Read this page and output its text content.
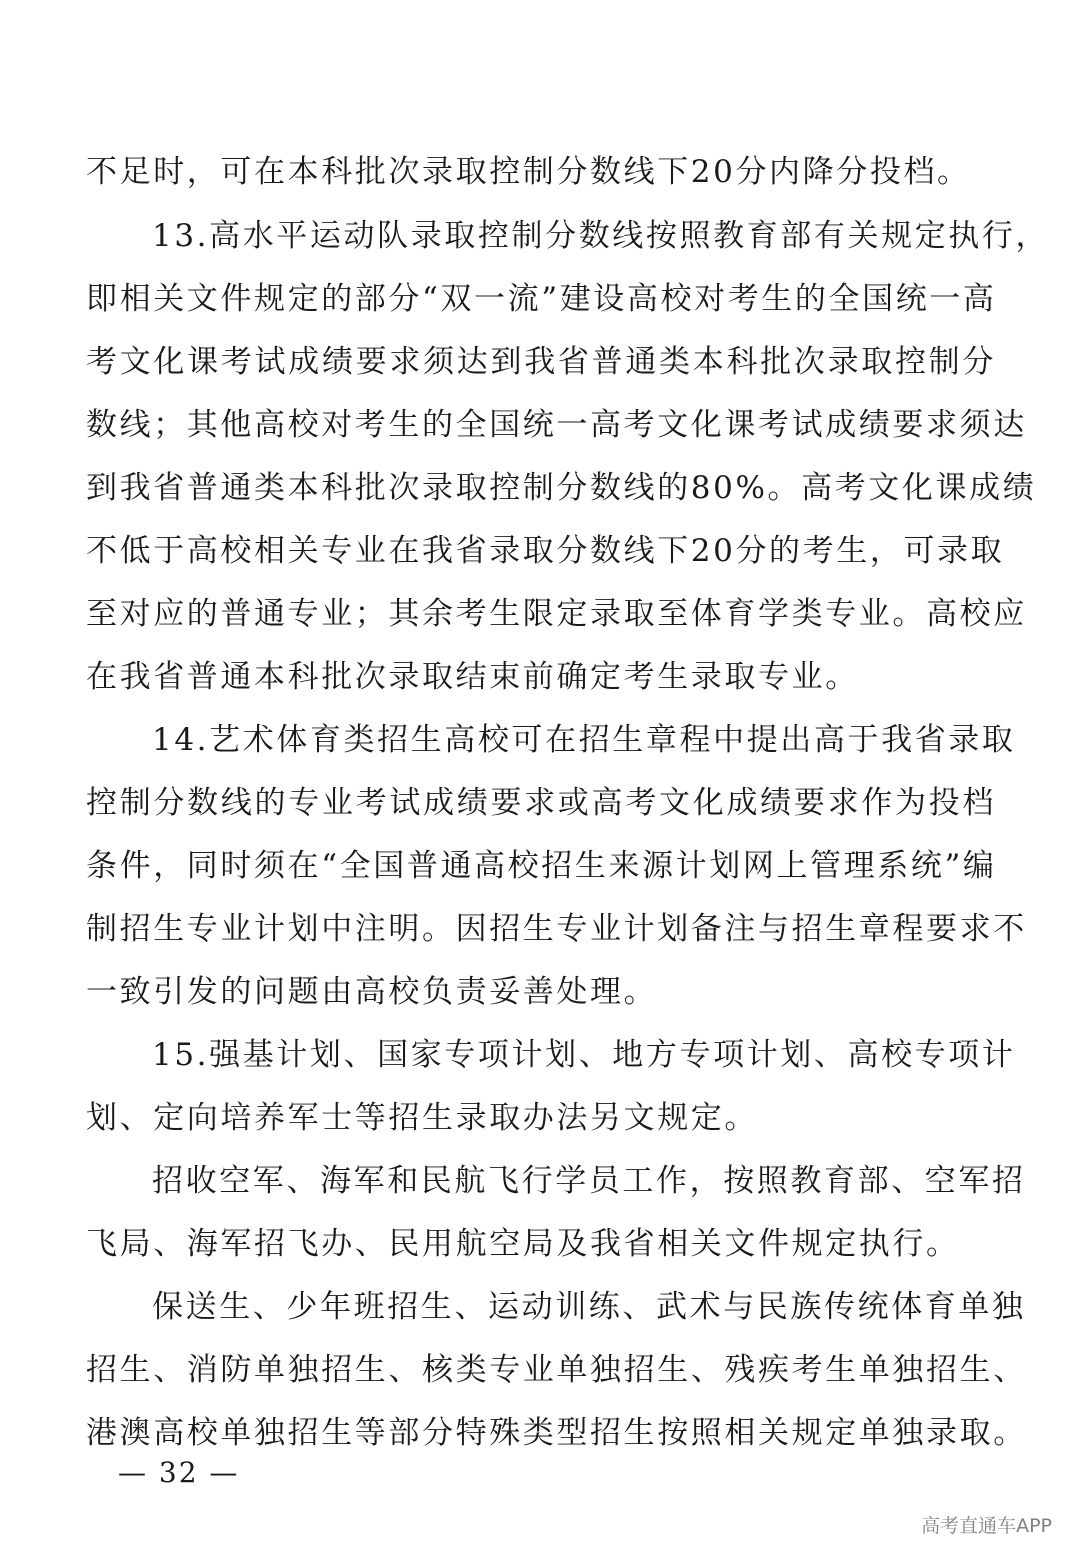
不足时，可在本科批次录取控制分数线下20分内降分投档。
13.高水平运动队录取控制分数线按照教育部有关规定执行，
即相关文件规定的部分“双一流”建设高校对考生的全国统一高
考文化课考试成绩要求须达到我省普通类本科批次录取控制分
数线；其他高校对考生的全国统一高考文化课考试成绩要求须达
到我省普通类本科批次录取控制分数线的80%。高考文化课成绩
不低于高校相关专业在我省录取分数线下20分的考生，可录取
至对应的普通专业；其余考生限定录取至体育学类专业。高校应
在我省普通本科批次录取结束前确定考生录取专业。
14.艺术体育类招生高校可在招生章程中提出高于我省录取
控制分数线的专业考试成绩要求或高考文化成绩要求作为投档
条件，同时须在“全国普通高校招生来源计划网上管理系统”编
制招生专业计划中注明。因招生专业计划备注与招生章程要求不
一致引发的问题由高校负责妥善处理。
15.强基计划、国家专项计划、地方专项计划、高校专项计
划、定向培养军士等招生录取办法另文规定。
招收空军、海军和民航飞行学员工作，按照教育部、空军招
飞局、海军招飞办、民用航空局及我省相关文件规定执行。
保送生、少年班招生、运动训练、武术与民族传统体育单独
招生、消防单独招生、核类专业单独招生、残疾考生单独招生、
港澳高校单独招生等部分特殊类型招生按照相关规定单独录取。
— 32 —
高考直通车APP
